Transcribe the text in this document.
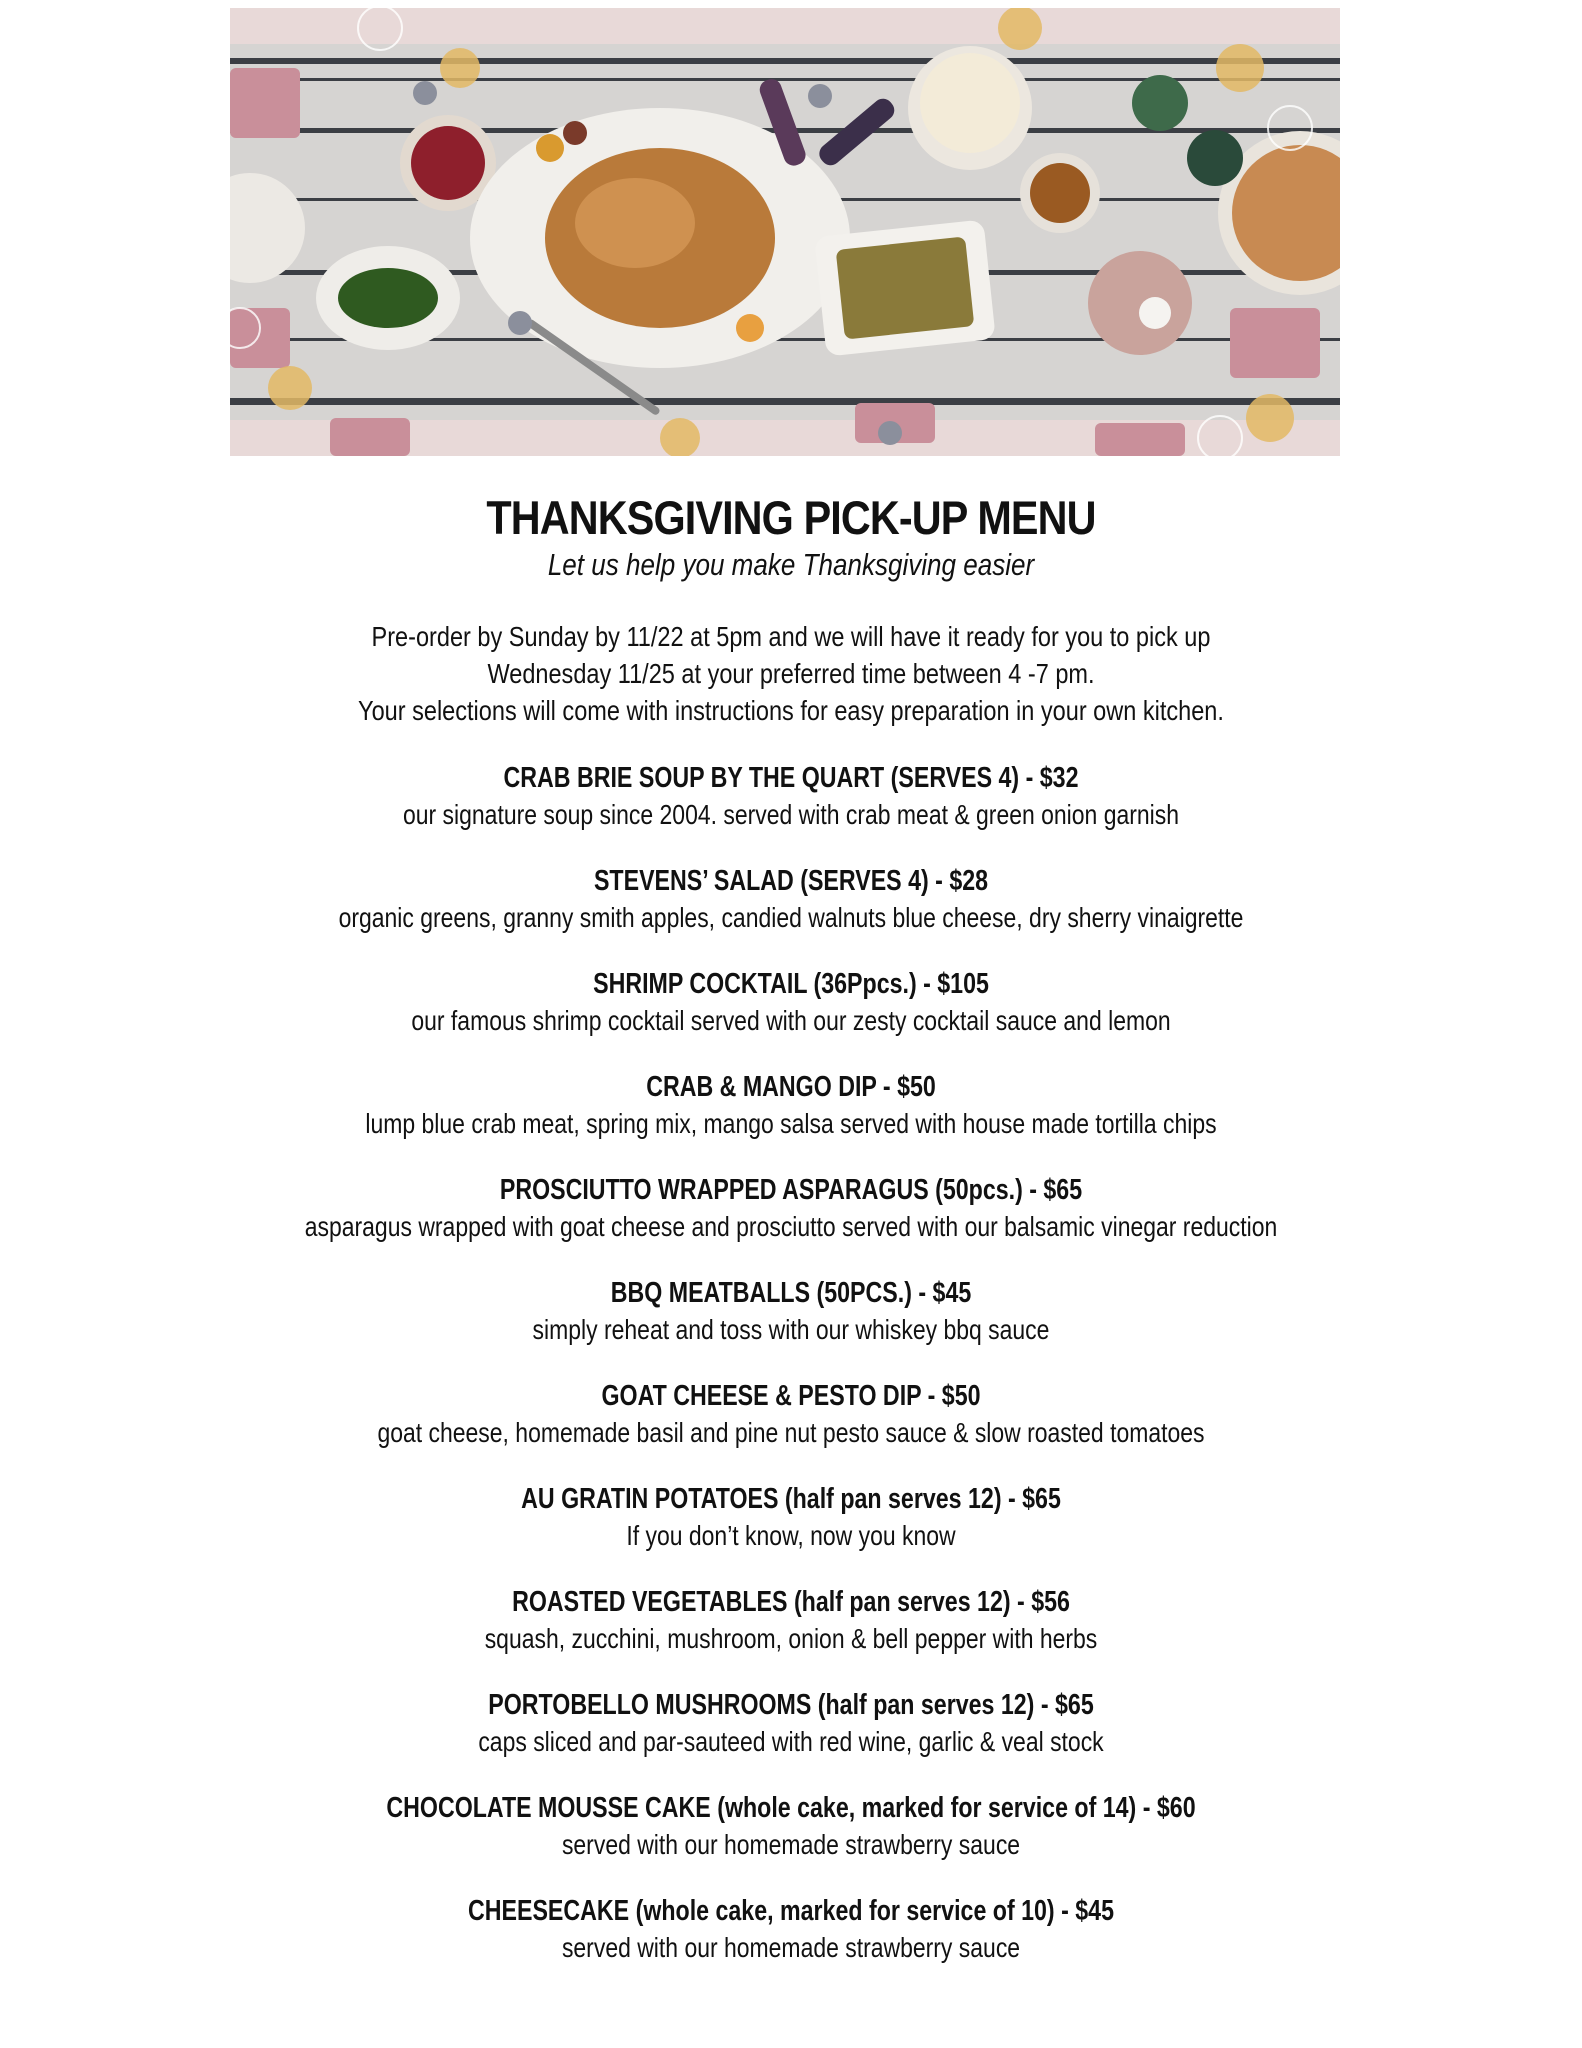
THANKSGIVING PICK-UP MENU

Let us help you make Thanksgiving easier

Pre-order by Sunday by 11/22 at 5pm and we will have it ready for you to pick up
Wednesday 11/25 at your preferred time between 4 -7 pm.
Your selections will come with instructions for easy preparation in your own kitchen.
CRAB BRIE SOUP BY THE QUART (SERVES 4) - $32
our signature soup since 2004. served with crab meat & green onion garnish
STEVENS’ SALAD (SERVES 4) - $28
organic greens, granny smith apples, candied walnuts blue cheese, dry sherry vinaigrette
SHRIMP COCKTAIL (36Ppcs.) - $105
our famous shrimp cocktail served with our zesty cocktail sauce and lemon
CRAB & MANGO DIP - $50
lump blue crab meat, spring mix, mango salsa served with house made tortilla chips
PROSCIUTTO WRAPPED ASPARAGUS (50pcs.) - $65
asparagus wrapped with goat cheese and prosciutto served with our balsamic vinegar reduction
BBQ MEATBALLS (50PCS.) - $45
simply reheat and toss with our whiskey bbq sauce
GOAT CHEESE & PESTO DIP - $50
goat cheese, homemade basil and pine nut pesto sauce & slow roasted tomatoes
AU GRATIN POTATOES (half pan serves 12) - $65
If you don’t know, now you know
ROASTED VEGETABLES (half pan serves 12) - $56
squash, zucchini, mushroom, onion & bell pepper with herbs
PORTOBELLO MUSHROOMS (half pan serves 12) - $65
caps sliced and par-sauteed with red wine, garlic & veal stock
CHOCOLATE MOUSSE CAKE (whole cake, marked for service of 14) - $60
served with our homemade strawberry sauce
CHEESECAKE (whole cake, marked for service of 10) - $45
served with our homemade strawberry sauce
